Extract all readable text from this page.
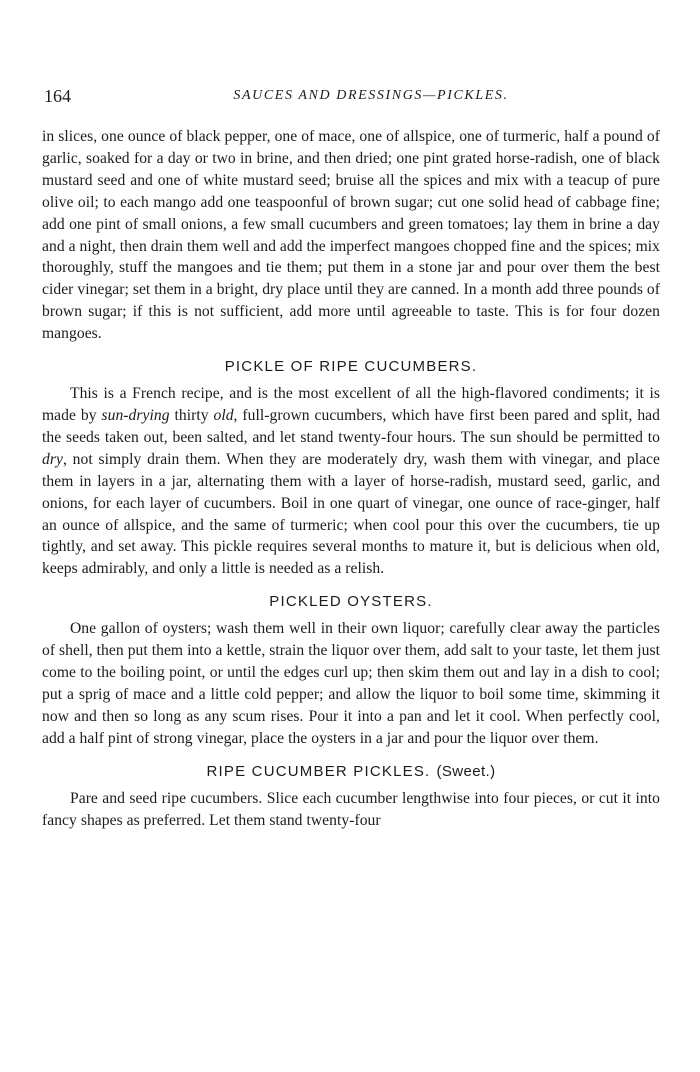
164	SAUCES AND DRESSINGS—PICKLES.

in slices, one ounce of black pepper, one of mace, one of allspice, one of turmeric, half a pound of garlic, soaked for a day or two in brine, and then dried; one pint grated horse-radish, one of black mustard seed and one of white mustard seed; bruise all the spices and mix with a teacup of pure olive oil; to each mango add one teaspoonful of brown sugar; cut one solid head of cabbage fine; add one pint of small onions, a few small cucumbers and green tomatoes; lay them in brine a day and a night, then drain them well and add the imperfect mangoes chopped fine and the spices; mix thoroughly, stuff the mangoes and tie them; put them in a stone jar and pour over them the best cider vinegar; set them in a bright, dry place until they are canned. In a month add three pounds of brown sugar; if this is not sufficient, add more until agreeable to taste. This is for four dozen mangoes.

PICKLE OF RIPE CUCUMBERS.

This is a French recipe, and is the most excellent of all the high-flavored condiments; it is made by sun-drying thirty old, full-grown cucumbers, which have first been pared and split, had the seeds taken out, been salted, and let stand twenty-four hours. The sun should be permitted to dry, not simply drain them. When they are moderately dry, wash them with vinegar, and place them in layers in a jar, alternating them with a layer of horse-radish, mustard seed, garlic, and onions, for each layer of cucumbers. Boil in one quart of vinegar, one ounce of race-ginger, half an ounce of allspice, and the same of turmeric; when cool pour this over the cucumbers, tie up tightly, and set away. This pickle requires several months to mature it, but is delicious when old, keeps admirably, and only a little is needed as a relish.

PICKLED OYSTERS.

One gallon of oysters; wash them well in their own liquor; carefully clear away the particles of shell, then put them into a kettle, strain the liquor over them, add salt to your taste, let them just come to the boiling point, or until the edges curl up; then skim them out and lay in a dish to cool; put a sprig of mace and a little cold pepper; and allow the liquor to boil some time, skimming it now and then so long as any scum rises. Pour it into a pan and let it cool. When perfectly cool, add a half pint of strong vinegar, place the oysters in a jar and pour the liquor over them.

RIPE CUCUMBER PICKLES. (Sweet.)

Pare and seed ripe cucumbers. Slice each cucumber lengthwise into four pieces, or cut it into fancy shapes as preferred. Let them stand twenty-four
